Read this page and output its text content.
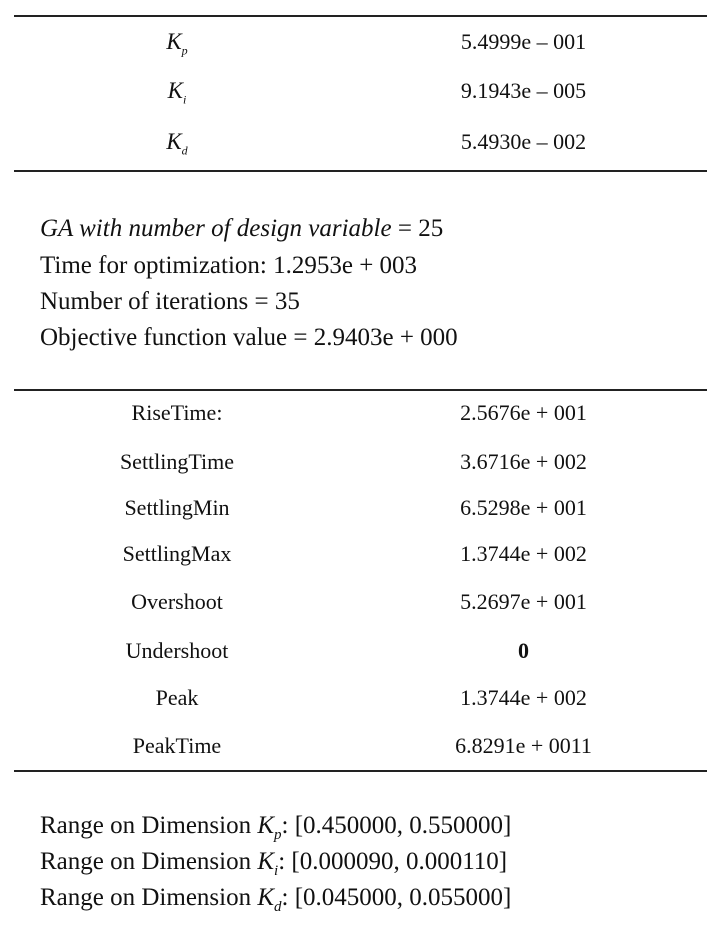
$K_p$	5.4999e – 001
$K_i$	9.1943e – 005
$K_d$	5.4930e – 002
GA with number of design variable = 25
Time for optimization: 1.2953e + 003
Number of iterations = 35
Objective function value = 2.9403e + 000
RiseTime:	2.5676e + 001
SettlingTime	3.6716e + 002
SettlingMin	6.5298e + 001
SettlingMax	1.3744e + 002
Overshoot	5.2697e + 001
Undershoot	0
Peak	1.3744e + 002
PeakTime	6.8291e + 0011
Range on Dimension $K_p$: [0.450000, 0.550000]
Range on Dimension $K_i$: [0.000090, 0.000110]
Range on Dimension $K_d$: [0.045000, 0.055000]
